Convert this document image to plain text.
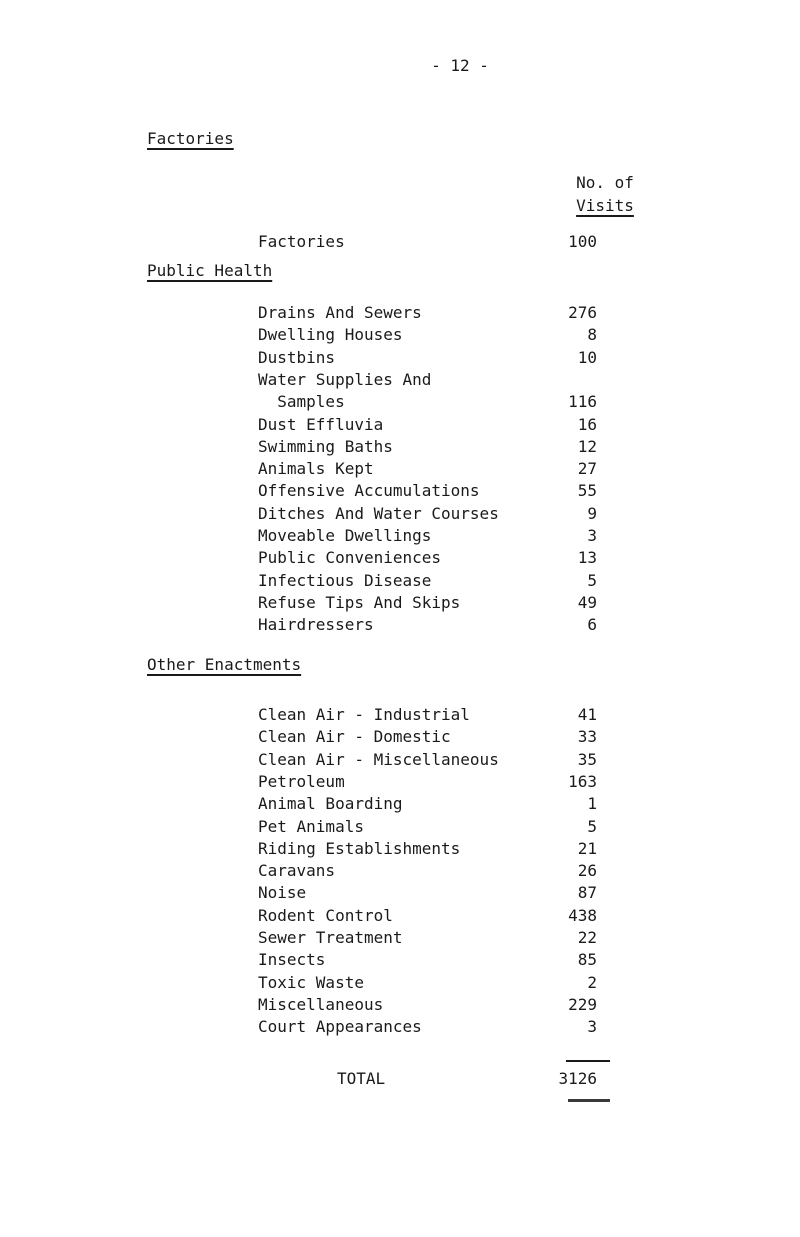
- 12 -
Factories
No. of
Visits
Factories	100
Public Health
Drains And Sewers	276
Dwelling Houses	8
Dustbins	10
Water Supplies And
Samples	116
Dust Effluvia	16
Swimming Baths	12
Animals Kept	27
Offensive Accumulations	55
Ditches And Water Courses	9
Moveable Dwellings	3
Public Conveniences	13
Infectious Disease	5
Refuse Tips And Skips	49
Hairdressers	6
Other Enactments
Clean Air - Industrial	41
Clean Air - Domestic	33
Clean Air - Miscellaneous	35
Petroleum	163
Animal Boarding	1
Pet Animals	5
Riding Establishments	21
Caravans	26
Noise	87
Rodent Control	438
Sewer Treatment	22
Insects	85
Toxic Waste	2
Miscellaneous	229
Court Appearances	3
TOTAL	3126
